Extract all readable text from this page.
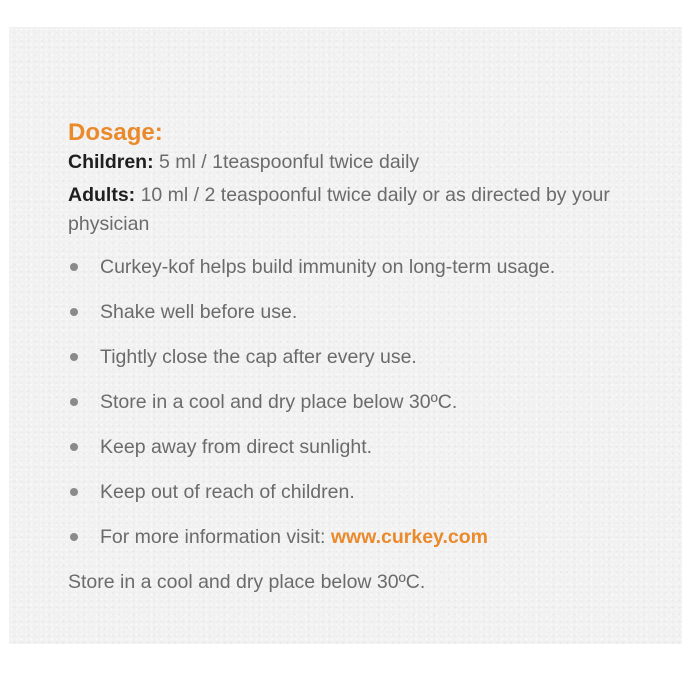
Dosage:

Children: 5 ml / 1teaspoonful twice daily

Adults: 10 ml / 2 teaspoonful twice daily or as directed by your physician

Curkey-kof helps build immunity on long-term usage.
Shake well before use.
Tightly close the cap after every use.
Store in a cool and dry place below 30ºC.
Keep away from direct sunlight.
Keep out of reach of children.
For more information visit: www.curkey.com
Store in a cool and dry place below 30ºC.
